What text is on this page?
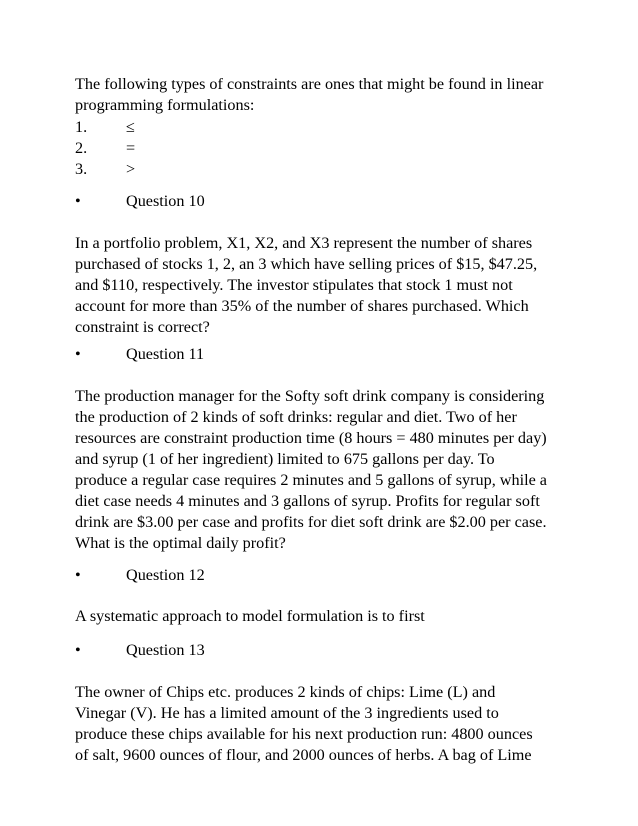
The following types of constraints are ones that might be found in linear
programming formulations:
1. ≤
2. =
3. >
•	Question 10
In a portfolio problem, X1, X2, and X3 represent the number of shares
purchased of stocks 1, 2, an 3 which have selling prices of $15, $47.25,
and $110, respectively. The investor stipulates that stock 1 must not
account for more than 35% of the number of shares purchased. Which
constraint is correct?
•	Question 11
The production manager for the Softy soft drink company is considering
the production of 2 kinds of soft drinks: regular and diet. Two of her
resources are constraint production time (8 hours = 480 minutes per day)
and syrup (1 of her ingredient) limited to 675 gallons per day. To
produce a regular case requires 2 minutes and 5 gallons of syrup, while a
diet case needs 4 minutes and 3 gallons of syrup. Profits for regular soft
drink are $3.00 per case and profits for diet soft drink are $2.00 per case.
What is the optimal daily profit?
•	Question 12
A systematic approach to model formulation is to first
•	Question 13
The owner of Chips etc. produces 2 kinds of chips: Lime (L) and
Vinegar (V). He has a limited amount of the 3 ingredients used to
produce these chips available for his next production run: 4800 ounces
of salt, 9600 ounces of flour, and 2000 ounces of herbs. A bag of Lime
